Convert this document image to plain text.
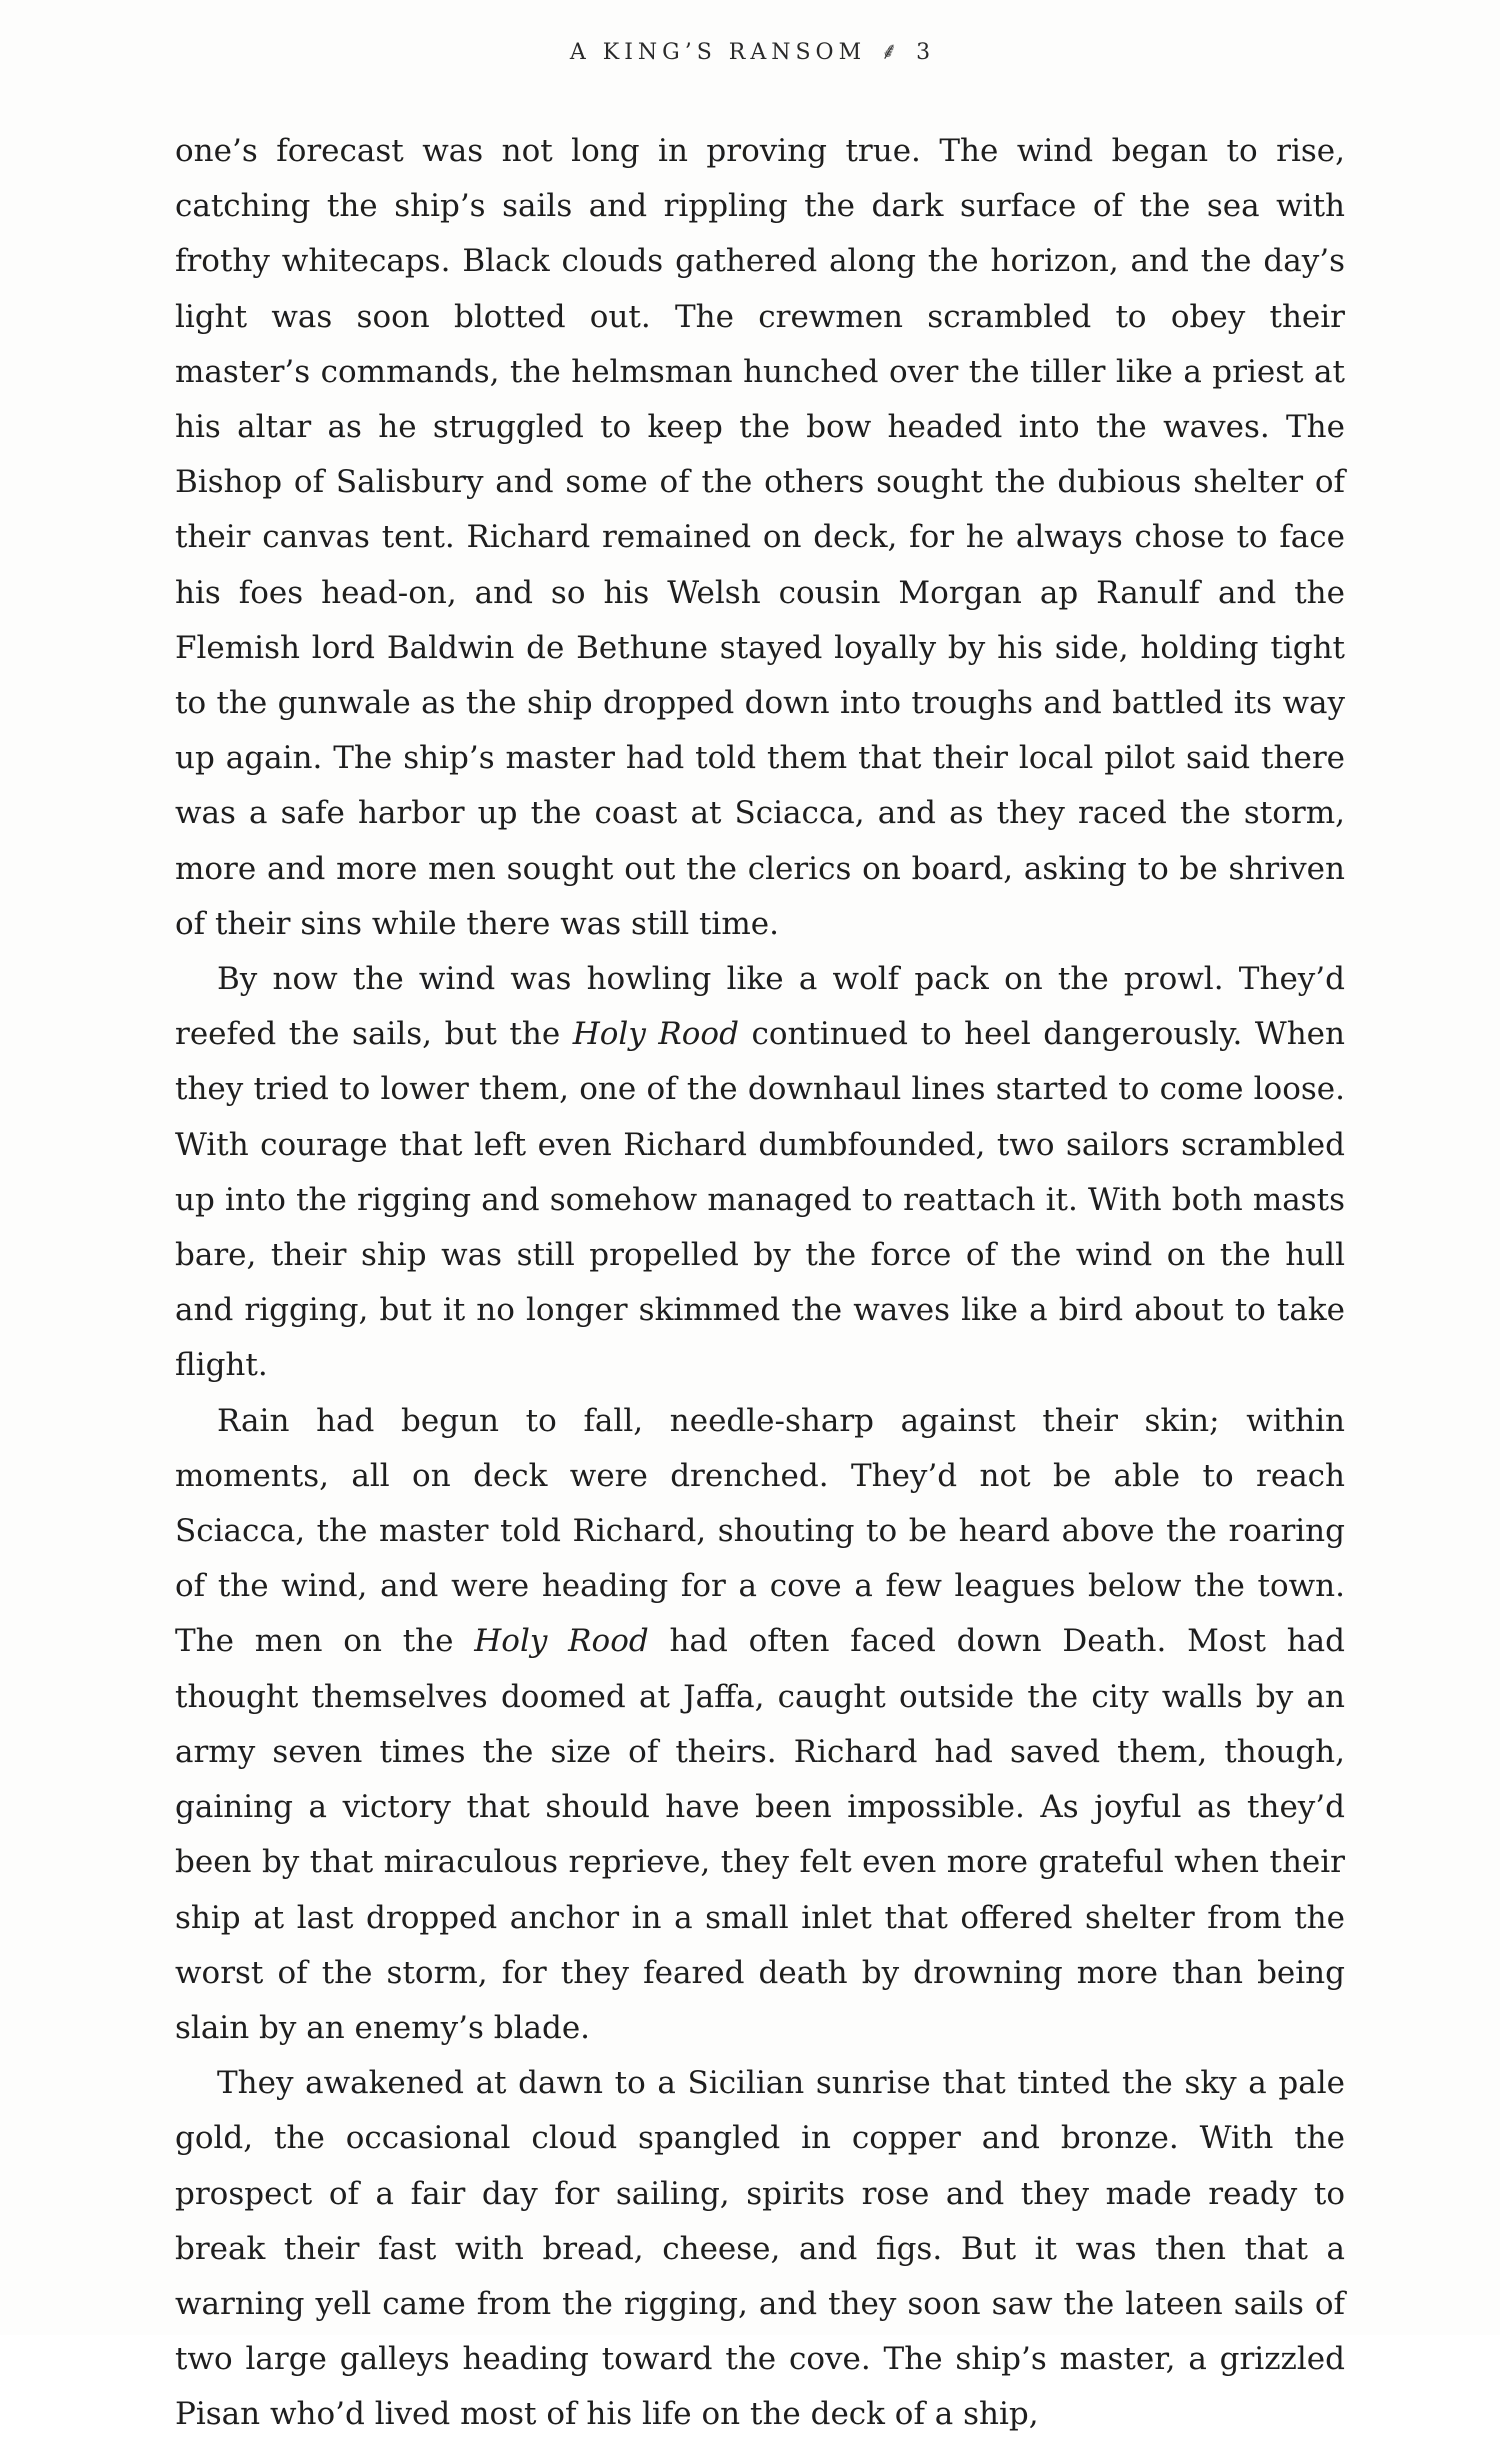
A KING’S RANSOM ⸙ 3

one’s forecast was not long in proving true. The wind began to rise, catching the ship’s sails and rippling the dark surface of the sea with frothy whitecaps. Black clouds gathered along the horizon, and the day’s light was soon blotted out. The crewmen scrambled to obey their master’s commands, the helmsman hunched over the tiller like a priest at his altar as he struggled to keep the bow headed into the waves. The Bishop of Salisbury and some of the others sought the dubious shelter of their canvas tent. Richard remained on deck, for he always chose to face his foes head-on, and so his Welsh cousin Morgan ap Ranulf and the Flemish lord Baldwin de Bethune stayed loyally by his side, holding tight to the gunwale as the ship dropped down into troughs and battled its way up again. The ship’s master had told them that their local pilot said there was a safe harbor up the coast at Sciacca, and as they raced the storm, more and more men sought out the clerics on board, asking to be shriven of their sins while there was still time.

By now the wind was howling like a wolf pack on the prowl. They’d reefed the sails, but the Holy Rood continued to heel dangerously. When they tried to lower them, one of the downhaul lines started to come loose. With courage that left even Richard dumbfounded, two sailors scrambled up into the rigging and somehow managed to reattach it. With both masts bare, their ship was still propelled by the force of the wind on the hull and rigging, but it no longer skimmed the waves like a bird about to take flight.

Rain had begun to fall, needle-sharp against their skin; within moments, all on deck were drenched. They’d not be able to reach Sciacca, the master told Richard, shouting to be heard above the roaring of the wind, and were heading for a cove a few leagues below the town. The men on the Holy Rood had often faced down Death. Most had thought themselves doomed at Jaffa, caught outside the city walls by an army seven times the size of theirs. Richard had saved them, though, gaining a victory that should have been impossible. As joyful as they’d been by that miraculous reprieve, they felt even more grateful when their ship at last dropped anchor in a small inlet that offered shelter from the worst of the storm, for they feared death by drowning more than being slain by an enemy’s blade.

They awakened at dawn to a Sicilian sunrise that tinted the sky a pale gold, the occasional cloud spangled in copper and bronze. With the prospect of a fair day for sailing, spirits rose and they made ready to break their fast with bread, cheese, and figs. But it was then that a warning yell came from the rigging, and they soon saw the lateen sails of two large galleys heading toward the cove. The ship’s master, a grizzled Pisan who’d lived most of his life on the deck of a ship,
